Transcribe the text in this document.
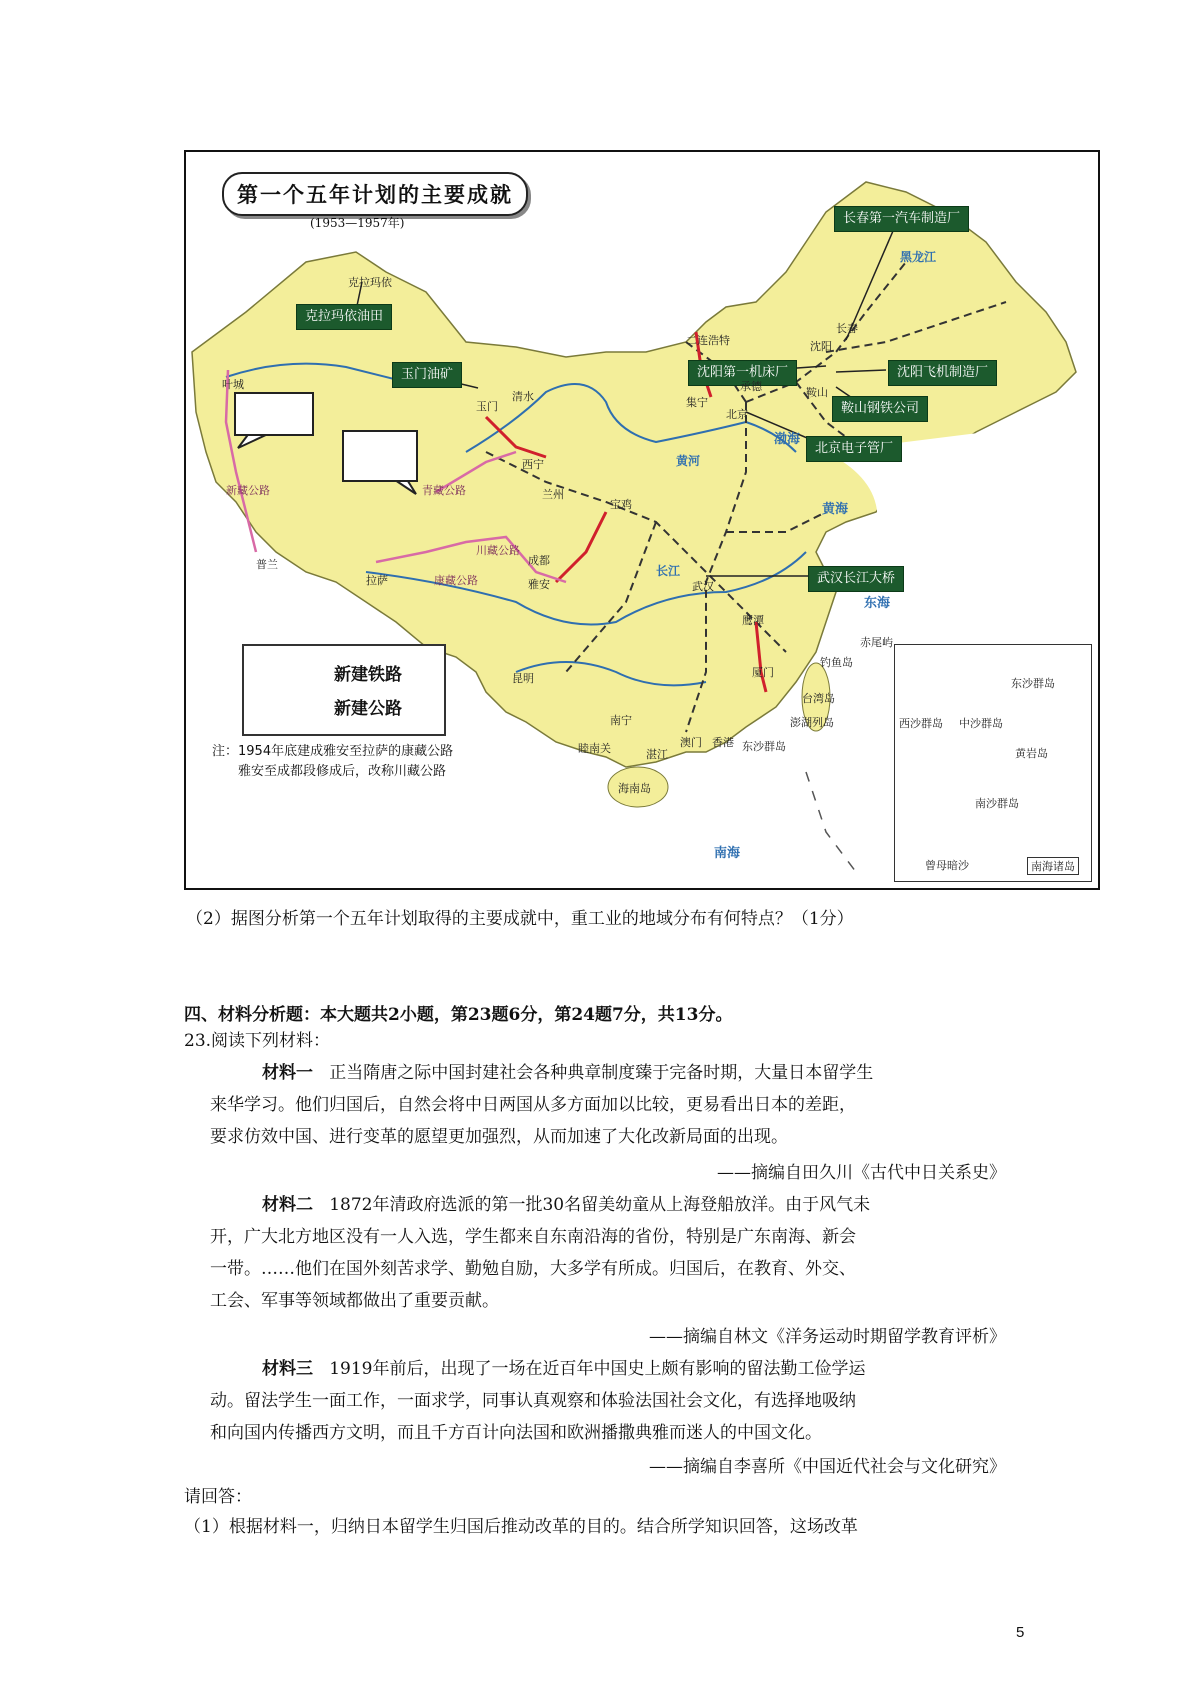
第一个五年计划的主要成就
(1953—1957年)	长春第一汽车制造厂
克拉玛依油田
玉门油矿	沈阳第一机床厂	沈阳飞机制造厂
鞍山钢铁公司
北京电子管厂
武汉长江大桥
克拉玛依
叶城
普兰
玉门
清水
西宁
兰州
宝鸡
成都
雅安
拉萨
昆明
南宁
睦南关	湛江
澳门 香港
海南岛
鹰潭
厦门
武汉
北京
承德
集宁
二连浩特	沈阳
鞍山
长春
台湾岛
钓鱼岛
赤尾屿
澎湖列岛
东沙群岛
黄海
东海
南海
渤海
黄河
长江
黑龙江
康藏公路
川藏公路
青藏公路
新藏公路
新建铁路
新建公路
注：1954年底建成雅安至拉萨的康藏公路
雅安至成都段修成后，改称川藏公路
西沙群岛 中沙群岛
东沙群岛
黄岩岛
南沙群岛
曾母暗沙	南海诸岛
（2）据图分析第一个五年计划取得的主要成就中，重工业的地域分布有何特点？（1分）
四、材料分析题：本大题共2小题，第23题6分，第24题7分，共13分。
23.阅读下列材料：
材料一 正当隋唐之际中国封建社会各种典章制度臻于完备时期，大量日本留学生
来华学习。他们归国后，自然会将中日两国从多方面加以比较，更易看出日本的差距，
要求仿效中国、进行变革的愿望更加强烈，从而加速了大化改新局面的出现。
——摘编自田久川《古代中日关系史》
材料二 1872年清政府选派的第一批30名留美幼童从上海登船放洋。由于风气未
开，广大北方地区没有一人入选，学生都来自东南沿海的省份，特别是广东南海、新会
一带。……他们在国外刻苦求学、勤勉自励，大多学有所成。归国后，在教育、外交、
工会、军事等领域都做出了重要贡献。
——摘编自林文《洋务运动时期留学教育评析》
材料三 1919年前后，出现了一场在近百年中国史上颇有影响的留法勤工俭学运
动。留法学生一面工作，一面求学，同事认真观察和体验法国社会文化，有选择地吸纳
和向国内传播西方文明，而且千方百计向法国和欧洲播撒典雅而迷人的中国文化。
——摘编自李喜所《中国近代社会与文化研究》
请回答：
（1）根据材料一，归纳日本留学生归国后推动改革的目的。结合所学知识回答，这场改革
5
